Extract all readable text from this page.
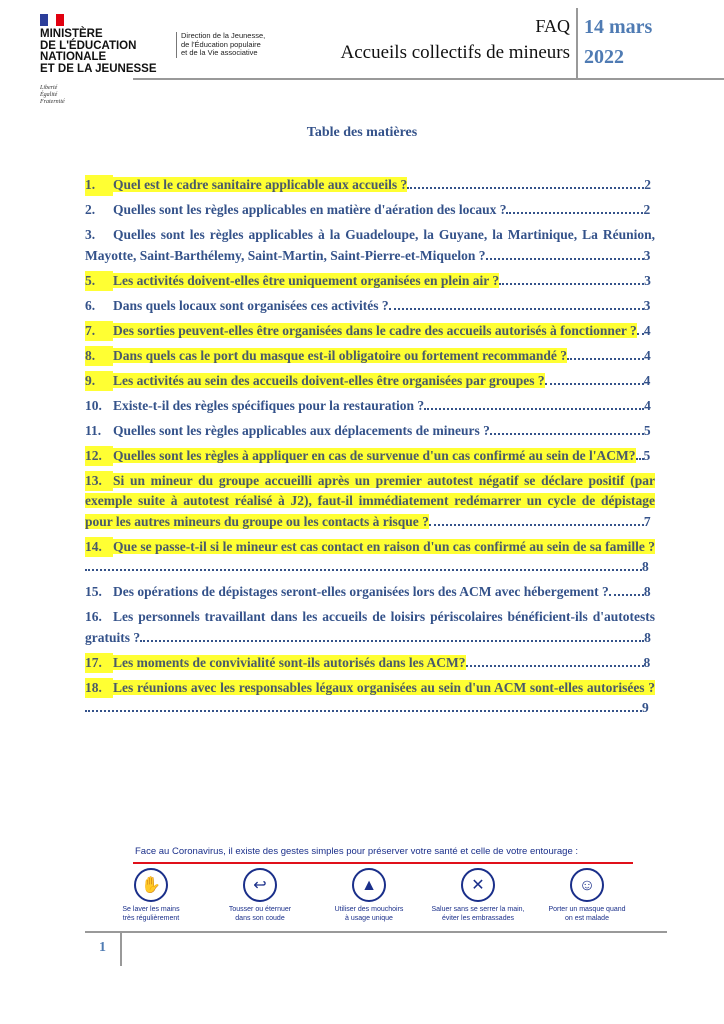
MINISTÈRE
DE L'ÉDUCATION
NATIONALE
ET DE LA JEUNESSE
Liberté
Égalité
Fraternité
Direction de la Jeunesse,
de l'Éducation populaire
et de la Vie associative
FAQ
Accueils collectifs de mineurs
14 mars
2022
Table des matières
1. Quel est le cadre sanitaire applicable aux accueils ?	2
2. Quelles sont les règles applicables en matière d'aération des locaux ?	2
3. Quelles sont les règles applicables à la Guadeloupe, la Guyane, la Martinique, La Réunion, Mayotte, Saint-Barthélemy, Saint-Martin, Saint-Pierre-et-Miquelon ?	3
5. Les activités doivent-elles être uniquement organisées en plein air ?	3
6. Dans quels locaux sont organisées ces activités ?	3
7. Des sorties peuvent-elles être organisées dans le cadre des accueils autorisés à fonctionner ? 4
8. Dans quels cas le port du masque est-il obligatoire ou fortement recommandé ?	4
9. Les activités au sein des accueils doivent-elles être organisées par groupes ?	4
10. Existe-t-il des règles spécifiques pour la restauration ?	4
11. Quelles sont les règles applicables aux déplacements de mineurs ?	5
12. Quelles sont les règles à appliquer en cas de survenue d'un cas confirmé au sein de l'ACM? 5
13. Si un mineur du groupe accueilli après un premier autotest négatif se déclare positif (par exemple suite à autotest réalisé à J2), faut-il immédiatement redémarrer un cycle de dépistage pour les autres mineurs du groupe ou les contacts à risque ?	7
14. Que se passe-t-il si le mineur est cas contact en raison d'un cas confirmé au sein de sa famille ?8
15. Des opérations de dépistages seront-elles organisées lors des ACM avec hébergement ?	8
16. Les personnels travaillant dans les accueils de loisirs périscolaires bénéficient-ils d'autotests gratuits ?	8
17. Les moments de convivialité sont-ils autorisés dans les ACM?	8
18. Les réunions avec les responsables légaux organisées au sein d'un ACM sont-elles autorisées ?9
Face au Coronavirus, il existe des gestes simples pour préserver votre santé et celle de votre entourage :
✋
Se laver les mains
très régulièrement
↩
Tousser ou éternuer
dans son coude
▲
Utiliser des mouchoirs
à usage unique
✕
Saluer sans se serrer la main,
éviter les embrassades
☺
Porter un masque quand
on est malade
1
